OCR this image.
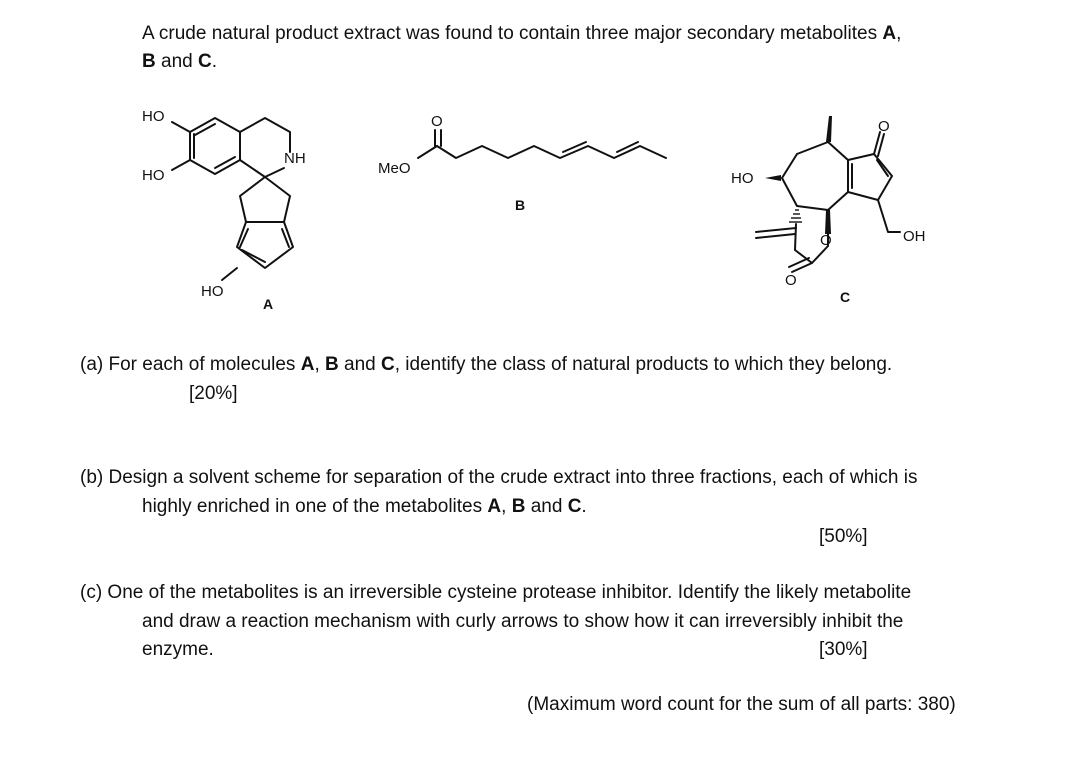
A crude natural product extract was found to contain three major secondary metabolites A,
B and C.
HO
HO
NH
HO
A
O
MeO
B
HO
O
O
O
OH
C
(a) For each of molecules A, B and C, identify the class of natural products to which they belong.
[20%]
(b) Design a solvent scheme for separation of the crude extract into three fractions, each of which is
highly enriched in one of the metabolites A, B and C.
[50%]
(c) One of the metabolites is an irreversible cysteine protease inhibitor. Identify the likely metabolite
and draw a reaction mechanism with curly arrows to show how it can irreversibly inhibit the
enzyme.	[30%]
(Maximum word count for the sum of all parts: 380)
